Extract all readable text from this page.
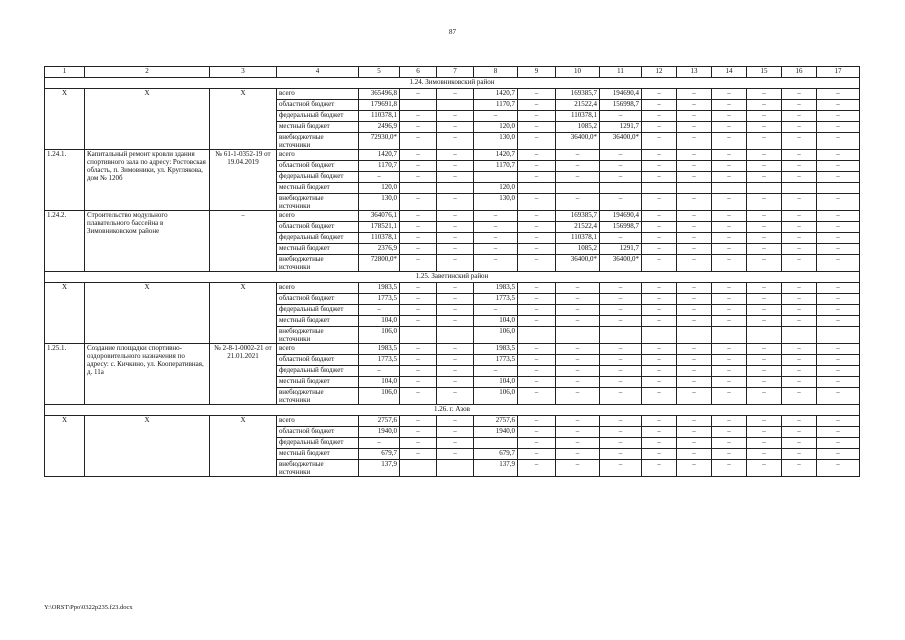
87
1	2	3	4	5	6	7	8	9	10	11	12	13	14	15	16	17
1.24. Зимовниковский район																
Х	Х	Х	всего	365496,8	–	–	1420,7	–	169385,7	194690,4	–	–	–	–	–	–
			областной бюджет	179691,8			1170,7	–	21522,4	156998,7	–	–	–	–	–	–
			федеральный бюджет	110378,1	–	–	–	–	110378,1	–	–	–	–	–	–	–
			местный бюджет	2496,9	–	–	120,0	–	1085,2	1291,7	–	–	–	–	–	–
			внебюджетные источники	72930,0*	–	–	130,0	–	36400,0*	36400,0*	–	–	–	–	–	–
1.24.1.	Капитальный ремонт кровли здания спортивного зала по адресу: Ростовская область, п. Зимовники, ул. Круглякова, дом № 120б	№ 61-1-0352-19 от 19.04.2019	всего	1420,7	–	–	1420,7	–	–	–	–	–	–	–	–	–
			областной бюджет	1170,7	–	–	1170,7	–	–	–	–	–	–	–	–	–
			федеральный бюджет	–	–	–		–	–	–	–	–	–	–	–	–
			местный бюджет	120,0			120,0									
			внебюджетные источники	130,0	–	–	130,0	–	–	–	–	–	–	–	–	–
1.24.2.	Строительство модульного плавательного бассейна в Зимовниковском районе	–	всего	364076,1	–	–	–	–	169385,7	194690,4	–	–	–	–	–	–
			областной бюджет	178521,1	–	–	–	–	21522,4	156998,7	–	–	–	–	–	–
			федеральный бюджет	110378,1	–	–	–	–	110378,1	–	–	–	–	–	–	–
			местный бюджет	2376,9	–	–	–	–	1085,2	1291,7	–	–	–	–	–	–
			внебюджетные источники	72800,0*	–	–	–	–	36400,0*	36400,0*	–	–	–	–	–	–
1.25. Заветинский район																
Х	Х	Х	всего	1983,5	–	–	1983,5	–	–	–	–	–	–	–	–	–
			областной бюджет	1773,5	–	–	1773,5	–	–	–	–	–	–	–	–	–
			федеральный бюджет	–	–	–	–	–	–	–	–	–	–	–	–	–
			местный бюджет	104,0	–	–	104,0	–	–	–	–	–	–	–	–	–
			внебюджетные источники	106,0			106,0									
1.25.1.	Создание площадки спортивно-оздоровительного назначения по адресу: с. Кичкино, ул. Кооперативная, д. 11а	№ 2-8-1-0002-21 от 21.01.2021	всего	1983,5	–	–	1983,5	–	–	–	–	–	–	–	–	–
			областной бюджет	1773,5	–	–	1773,5	–	–	–	–	–	–	–	–	–
			федеральный бюджет	–	–	–	–	–	–	–	–	–	–	–	–	–
			местный бюджет	104,0	–	–	104,0	–	–	–	–	–	–	–	–	–
			внебюджетные источники	106,0	–	–	106,0	–	–	–	–	–	–	–	–	–
1.26. г. Азов																
Х	Х	Х	всего	2757,6	–	–	2757,6	–	–	–	–	–	–	–	–	–
			областной бюджет	1940,0	–	–	1940,0	–	–	–	–	–	–	–	–	–
			федеральный бюджет	–	–	–		–	–	–	–	–	–	–	–	–
			местный бюджет	679,7	–	–	679,7	–	–	–	–	–	–	–	–	–
			внебюджетные источники	137,9			137,9	–	–	–	–	–	–	–	–	–
Y:\ORST\Ppo\0322p235.f23.docx
